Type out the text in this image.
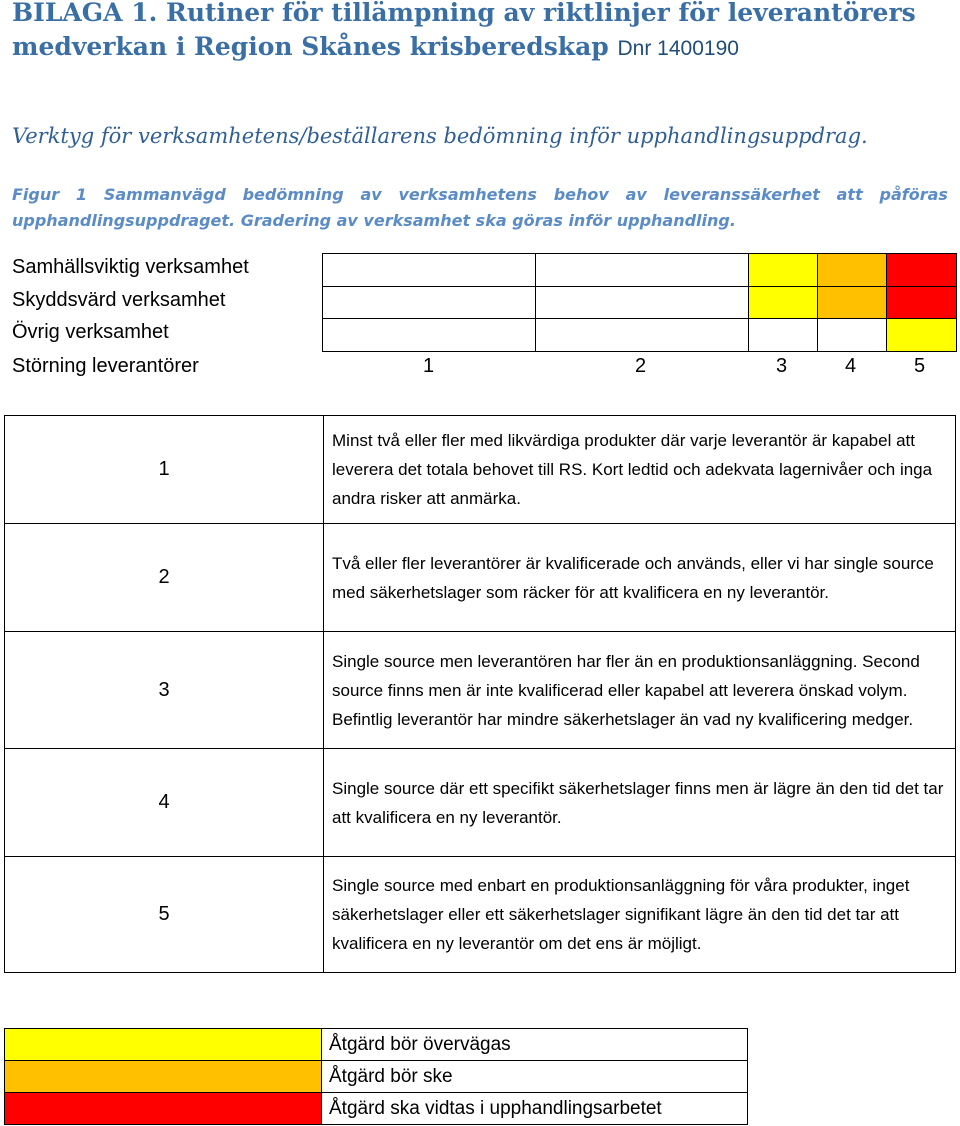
BILAGA 1. Rutiner för tillämpning av riktlinjer för leverantörers
medverkan i Region Skånes krisberedskap Dnr 1400190
Verktyg för verksamhetens/beställarens bedömning inför upphandlingsuppdrag.
Figur 1 Sammanvägd bedömning av verksamhetens behov av leveranssäkerhet att påföras
upphandlingsuppdraget. Gradering av verksamhet ska göras inför upphandling.
Samhällsviktig verksamhet
Skyddsvärd verksamhet
Övrig verksamhet
Störning leverantörer	1	2	3	4	5
1	Minst två eller fler med likvärdiga produkter där varje leverantör är kapabel att leverera det totala behovet till RS. Kort ledtid och adekvata lagernivåer och inga andra risker att anmärka.
2	Två eller fler leverantörer är kvalificerade och används, eller vi har single source med säkerhetslager som räcker för att kvalificera en ny leverantör.
3	Single source men leverantören har fler än en produktionsanläggning. Second source finns men är inte kvalificerad eller kapabel att leverera önskad volym. Befintlig leverantör har mindre säkerhetslager än vad ny kvalificering medger.
4	Single source där ett specifikt säkerhetslager finns men är lägre än den tid det tar att kvalificera en ny leverantör.
5	Single source med enbart en produktionsanläggning för våra produkter, inget säkerhetslager eller ett säkerhetslager signifikant lägre än den tid det tar att kvalificera en ny leverantör om det ens är möjligt.
	Åtgärd bör övervägas
	Åtgärd bör ske
	Åtgärd ska vidtas i upphandlingsarbetet
